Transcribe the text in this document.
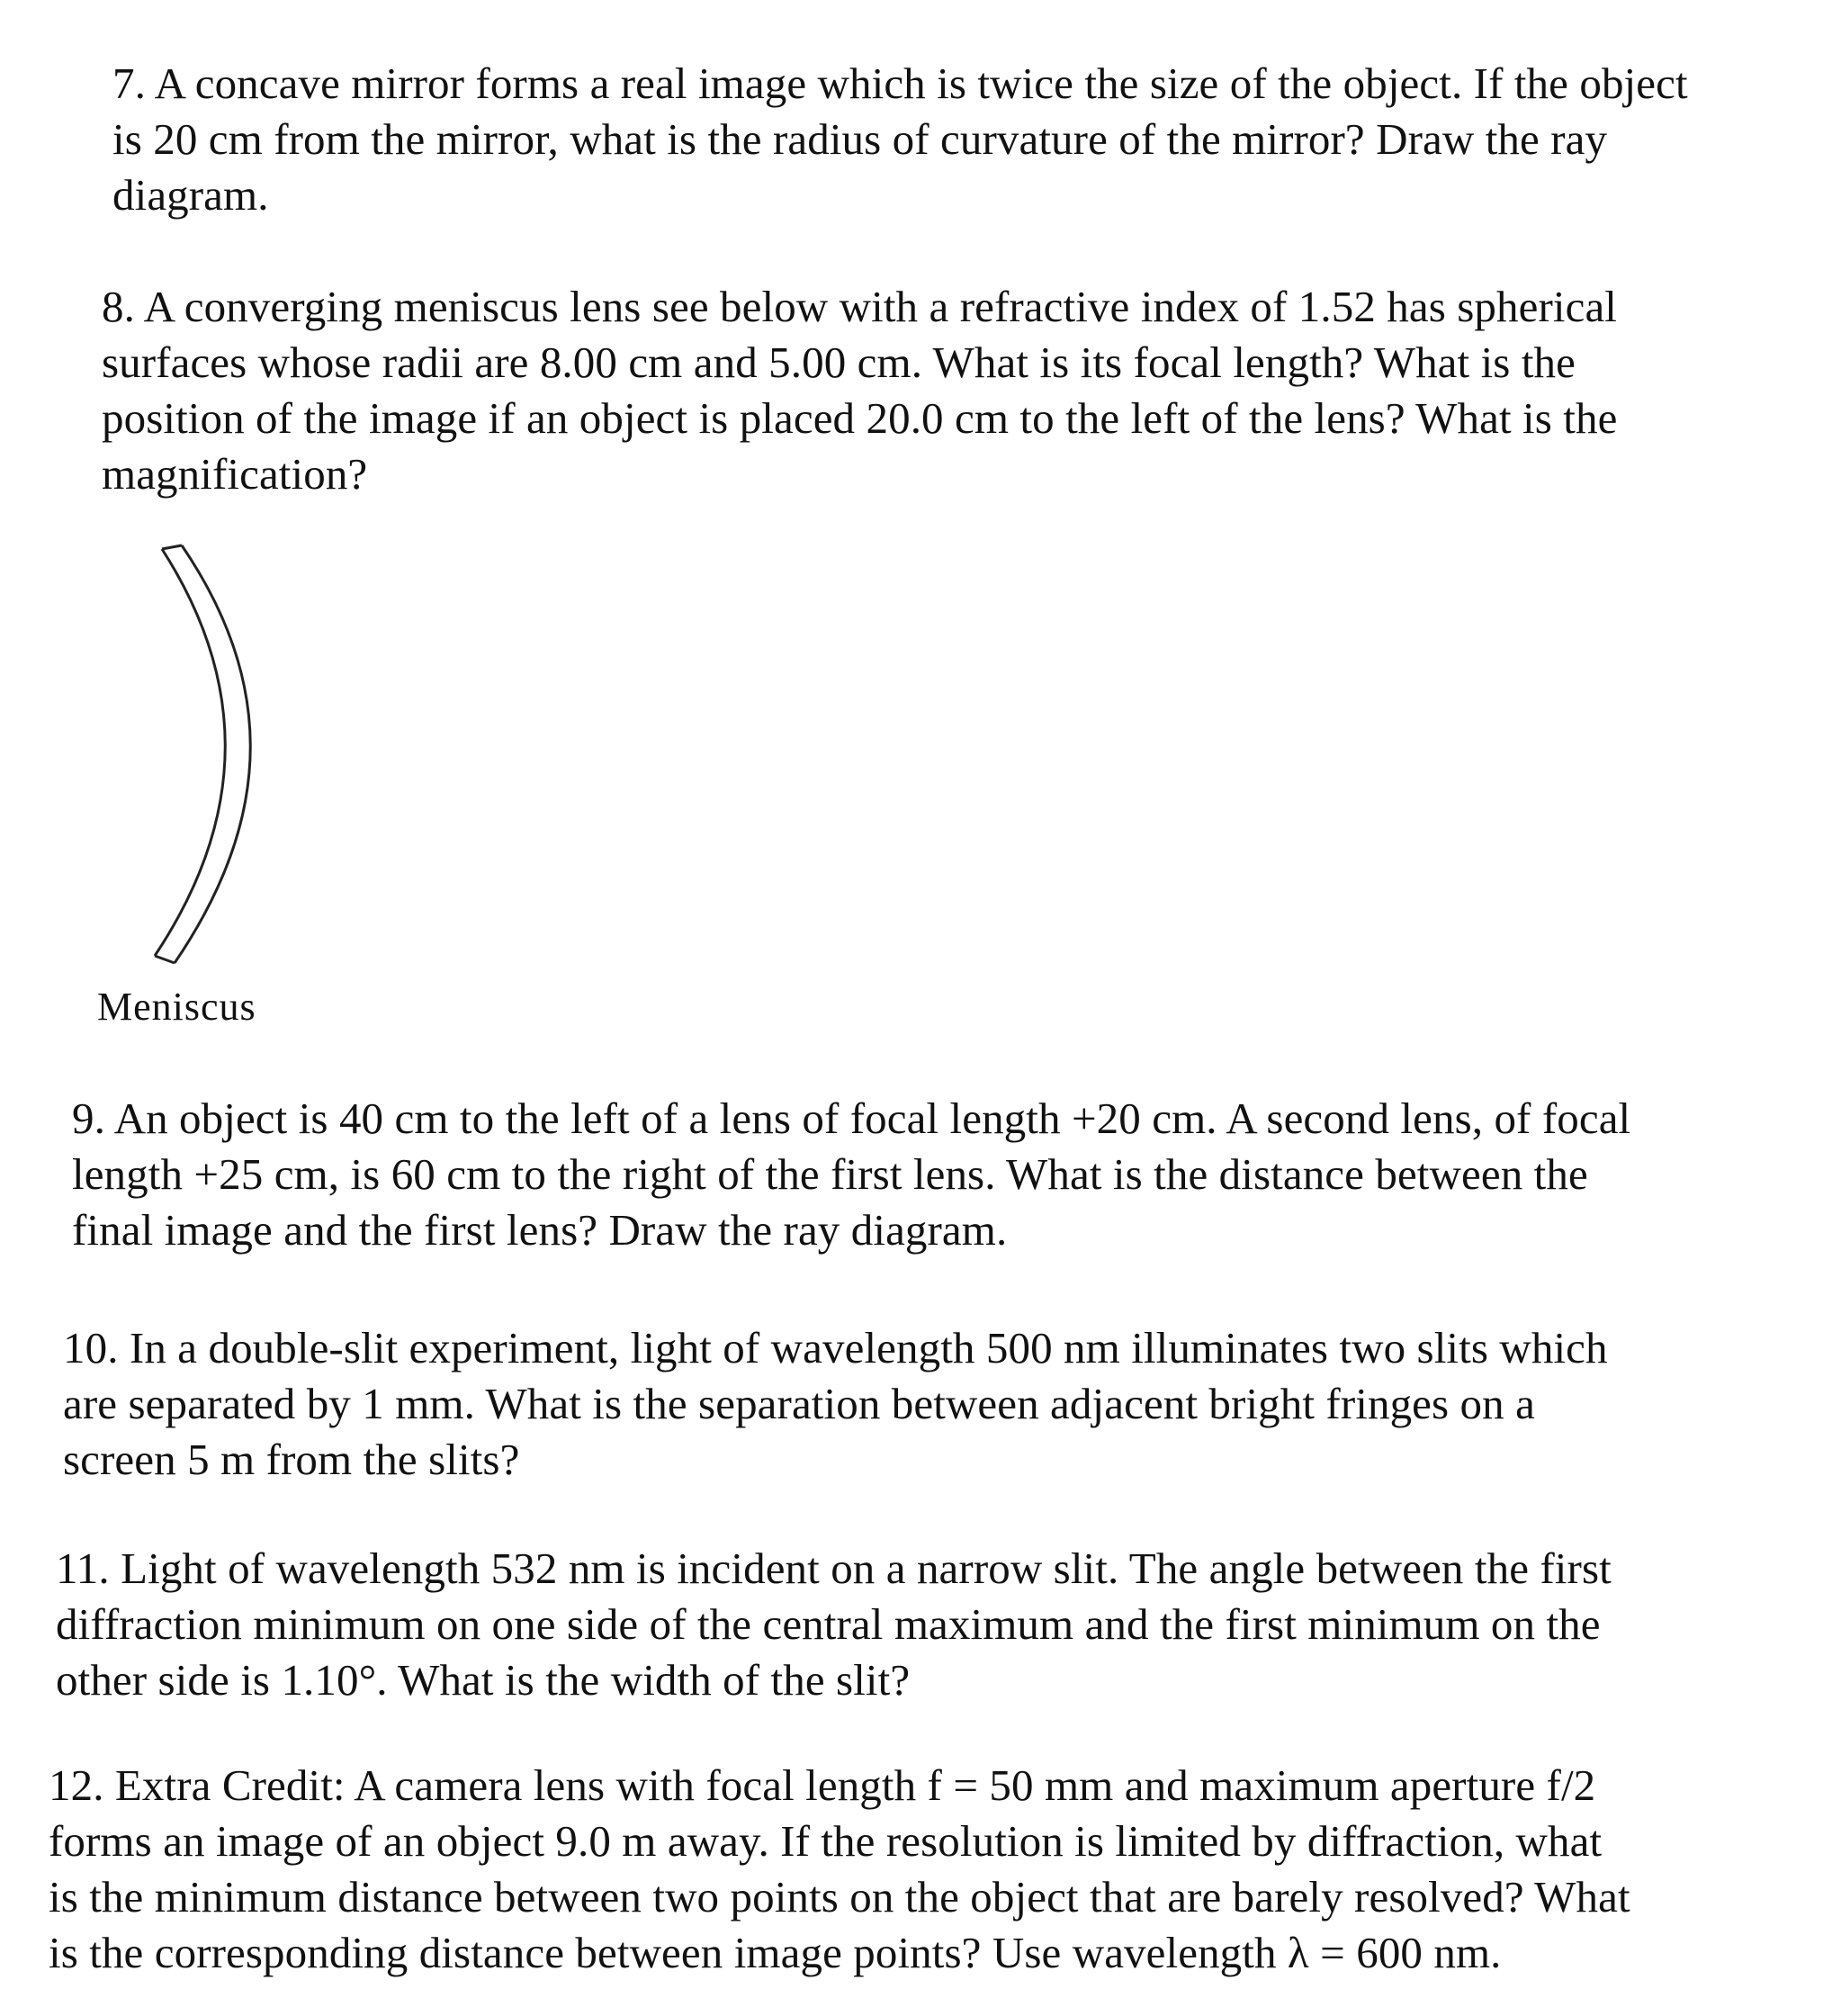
7. A concave mirror forms a real image which is twice the size of the object. If the object
is 20 cm from the mirror, what is the radius of curvature of the mirror? Draw the ray
diagram.
8. A converging meniscus lens see below with a refractive index of 1.52 has spherical
surfaces whose radii are 8.00 cm and 5.00 cm. What is its focal length? What is the
position of the image if an object is placed 20.0 cm to the left of the lens? What is the
magnification?
Meniscus
9. An object is 40 cm to the left of a lens of focal length +20 cm. A second lens, of focal
length +25 cm, is 60 cm to the right of the first lens. What is the distance between the
final image and the first lens? Draw the ray diagram.
10. In a double-slit experiment, light of wavelength 500 nm illuminates two slits which
are separated by 1 mm. What is the separation between adjacent bright fringes on a
screen 5 m from the slits?
11. Light of wavelength 532 nm is incident on a narrow slit. The angle between the first
diffraction minimum on one side of the central maximum and the first minimum on the
other side is 1.10°. What is the width of the slit?
12. Extra Credit: A camera lens with focal length f = 50 mm and maximum aperture f/2
forms an image of an object 9.0 m away. If the resolution is limited by diffraction, what
is the minimum distance between two points on the object that are barely resolved? What
is the corresponding distance between image points? Use wavelength λ = 600 nm.
